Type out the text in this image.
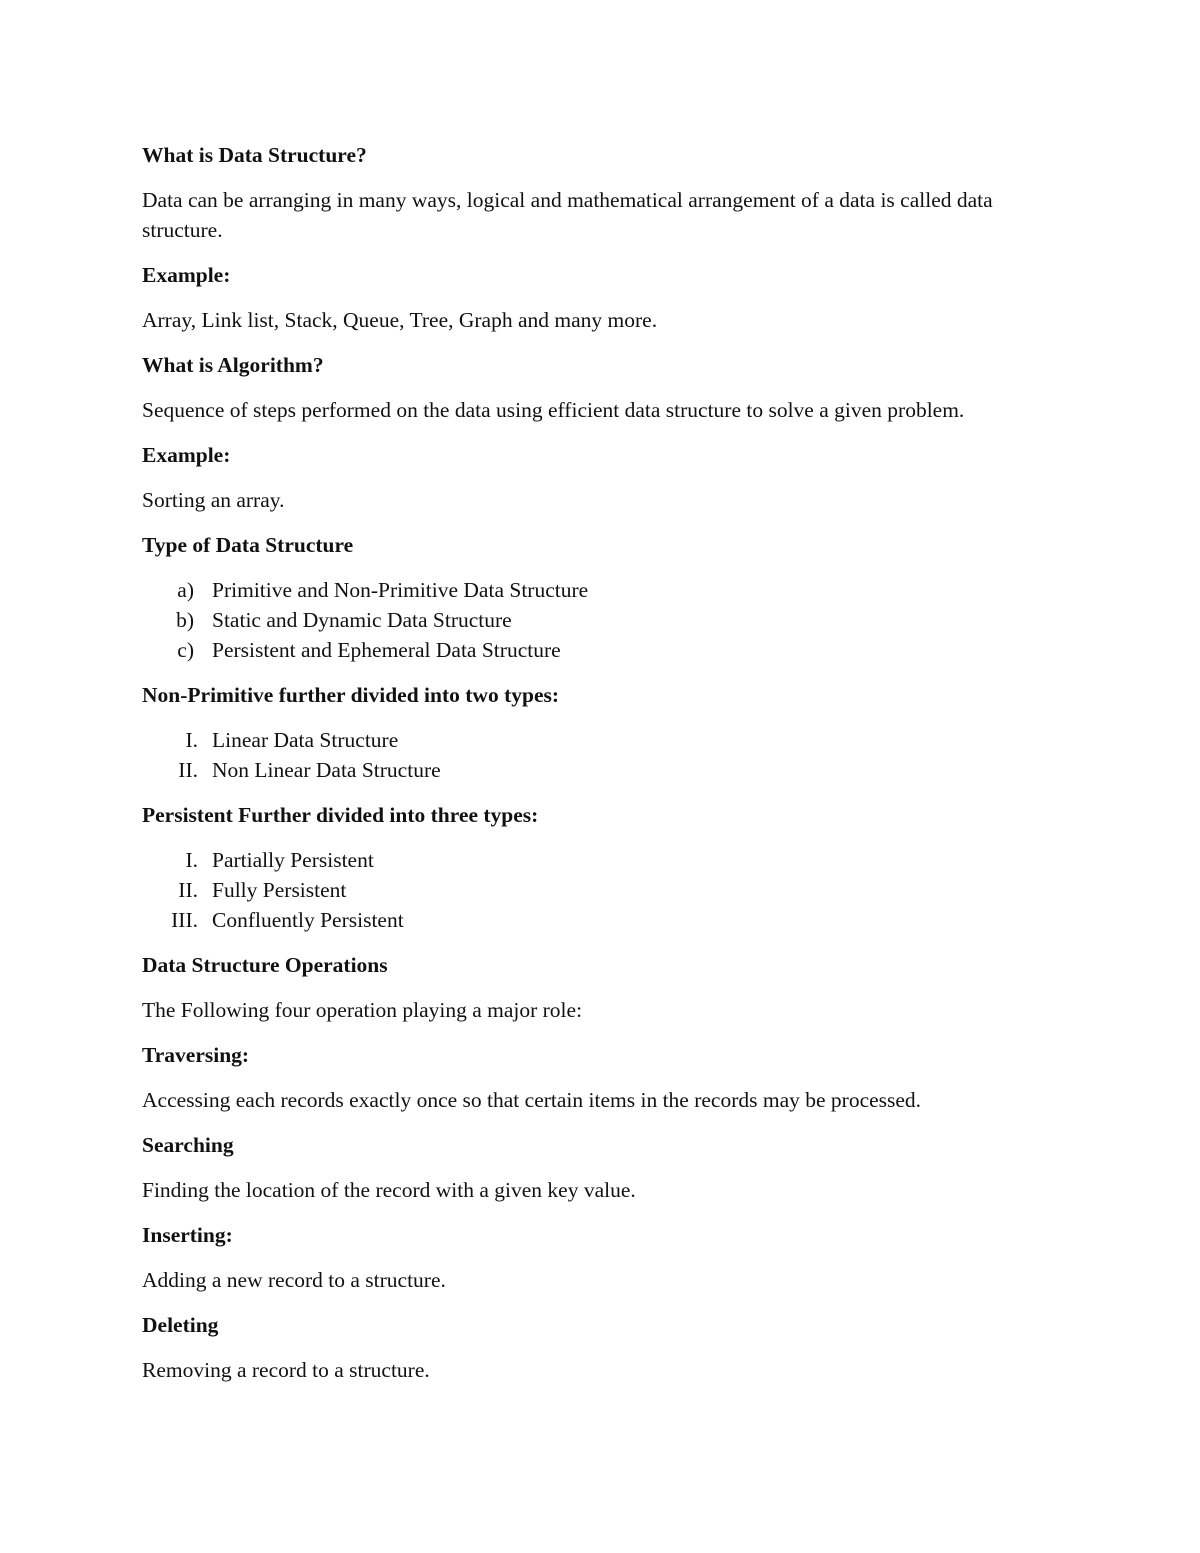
What is Data Structure?
Data can be arranging in many ways, logical and mathematical arrangement of a data is called data structure.
Example:
Array, Link list, Stack, Queue, Tree, Graph and many more.
What is Algorithm?
Sequence of steps performed on the data using efficient data structure to solve a given problem.
Example:
Sorting an array.
Type of Data Structure
a) Primitive and Non-Primitive Data Structure
b) Static and Dynamic Data Structure
c) Persistent and Ephemeral Data Structure
Non-Primitive further divided into two types:
I. Linear Data Structure
II. Non Linear Data Structure
Persistent Further divided into three types:
I. Partially Persistent
II. Fully Persistent
III. Confluently Persistent
Data Structure Operations
The Following four operation playing a major role:
Traversing:
Accessing each records exactly once so that certain items in the records may be processed.
Searching
Finding the location of the record with a given key value.
Inserting:
Adding a new record to a structure.
Deleting
Removing a record to a structure.
